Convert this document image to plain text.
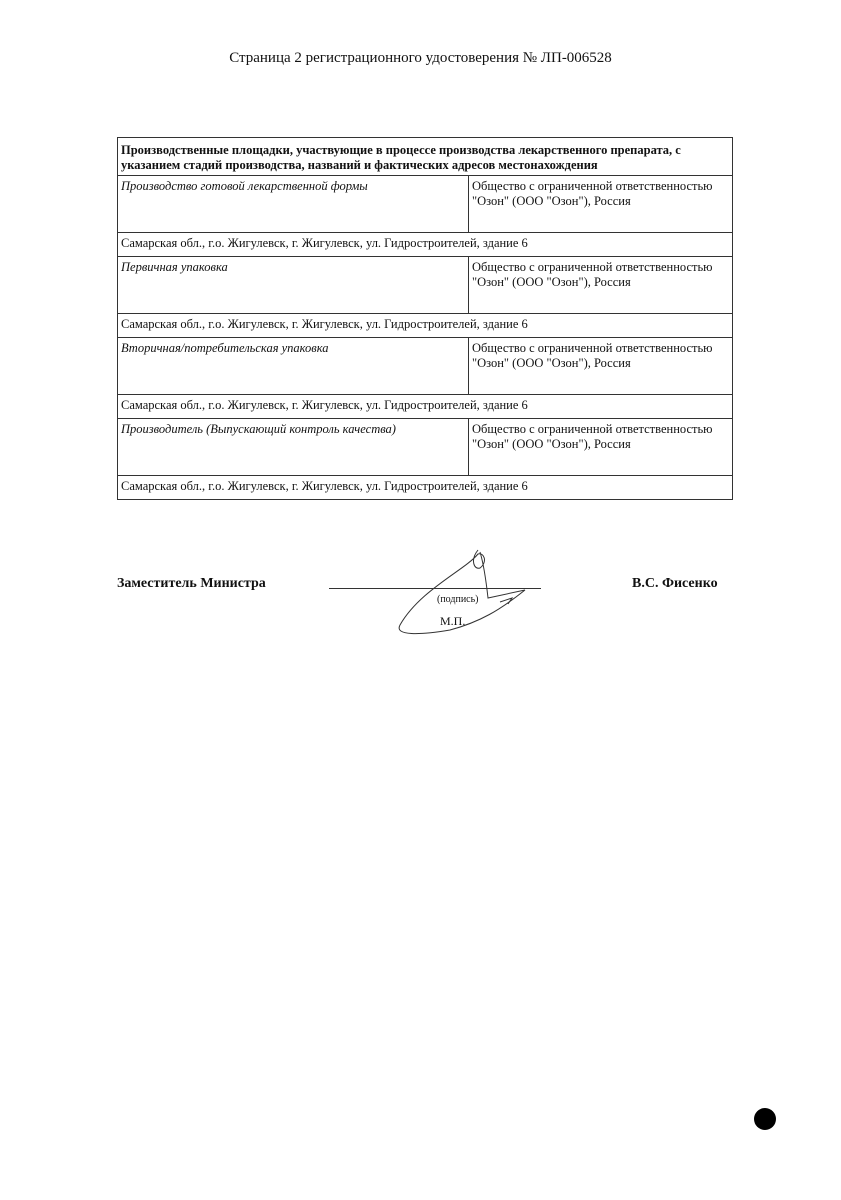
Страница 2 регистрационного удостоверения № ЛП-006528
Производственные площадки, участвующие в процессе производства лекарственного препарата, с указанием стадий производства, названий и фактических адресов местонахождения	
Производство готовой лекарственной формы	Общество с ограниченной ответственностью "Озон" (ООО "Озон"), Россия
Самарская обл., г.о. Жигулевск, г. Жигулевск, ул. Гидростроителей, здание 6	
Первичная упаковка	Общество с ограниченной ответственностью "Озон" (ООО "Озон"), Россия
Самарская обл., г.о. Жигулевск, г. Жигулевск, ул. Гидростроителей, здание 6	
Вторичная/потребительская упаковка	Общество с ограниченной ответственностью "Озон" (ООО "Озон"), Россия
Самарская обл., г.о. Жигулевск, г. Жигулевск, ул. Гидростроителей, здание 6	
Производитель (Выпускающий контроль качества)	Общество с ограниченной ответственностью "Озон" (ООО "Озон"), Россия
Самарская обл., г.о. Жигулевск, г. Жигулевск, ул. Гидростроителей, здание 6	
Заместитель Министра
(подпись)
М.П.
В.С. Фисенко
